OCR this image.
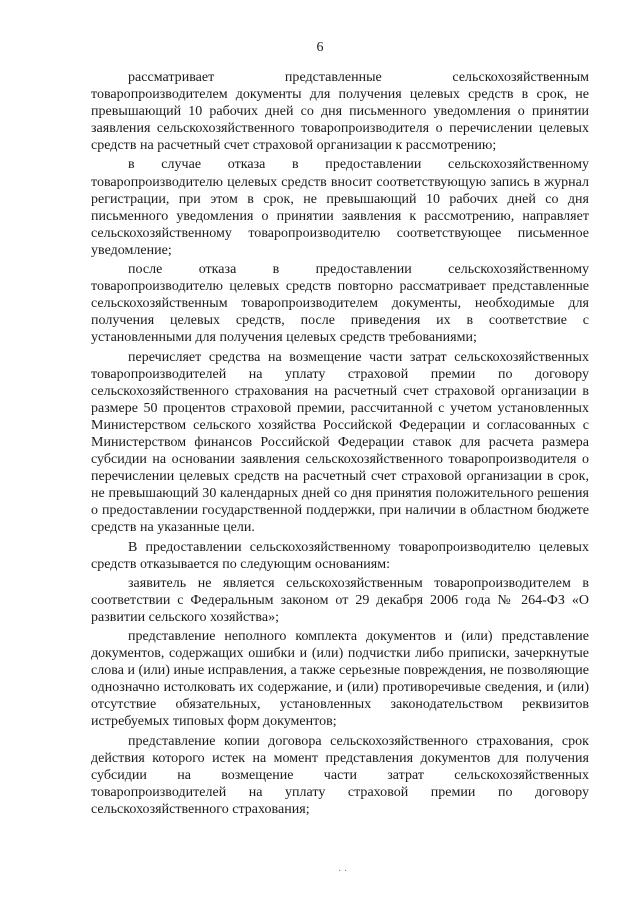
6

рассматривает представленные сельскохозяйственным товаропроизводителем документы для получения целевых средств в срок, не превышающий 10 рабочих дней со дня письменного уведомления о принятии заявления сельскохозяйственного товаропроизводителя о перечислении целевых средств на расчетный счет страховой организации к рассмотрению;

в случае отказа в предоставлении сельскохозяйственному товаропроизводителю целевых средств вносит соответствующую запись в журнал регистрации, при этом в срок, не превышающий 10 рабочих дней со дня письменного уведомления о принятии заявления к рассмотрению, направляет сельскохозяйственному товаропроизводителю соответствующее письменное уведомление;

после отказа в предоставлении сельскохозяйственному товаропроизводителю целевых средств повторно рассматривает представленные сельскохозяйственным товаропроизводителем документы, необходимые для получения целевых средств, после приведения их в соответствие с установленными для получения целевых средств требованиями;

перечисляет средства на возмещение части затрат сельскохозяйственных товаропроизводителей на уплату страховой премии по договору сельскохозяйственного страхования на расчетный счет страховой организации в размере 50 процентов страховой премии, рассчитанной с учетом установленных Министерством сельского хозяйства Российской Федерации и согласованных с Министерством финансов Российской Федерации ставок для расчета размера субсидии на основании заявления сельскохозяйственного товаропроизводителя о перечислении целевых средств на расчетный счет страховой организации в срок, не превышающий 30 календарных дней со дня принятия положительного решения о предоставлении государственной поддержки, при наличии в областном бюджете средств на указанные цели.

В предоставлении сельскохозяйственному товаропроизводителю целевых средств отказывается по следующим основаниям:

заявитель не является сельскохозяйственным товаропроизводителем в соответствии с Федеральным законом от 29 декабря 2006 года № 264-ФЗ «О развитии сельского хозяйства»;

представление неполного комплекта документов и (или) представление документов, содержащих ошибки и (или) подчистки либо приписки, зачеркнутые слова и (или) иные исправления, а также серьезные повреждения, не позволяющие однозначно истолковать их содержание, и (или) противоречивые сведения, и (или) отсутствие обязательных, установленных законодательством реквизитов истребуемых типовых форм документов;

представление копии договора сельскохозяйственного страхования, срок действия которого истек на момент представления документов для получения субсидии на возмещение части затрат сельскохозяйственных товаропроизводителей на уплату страховой премии по договору сельскохозяйственного страхования;

· ·
